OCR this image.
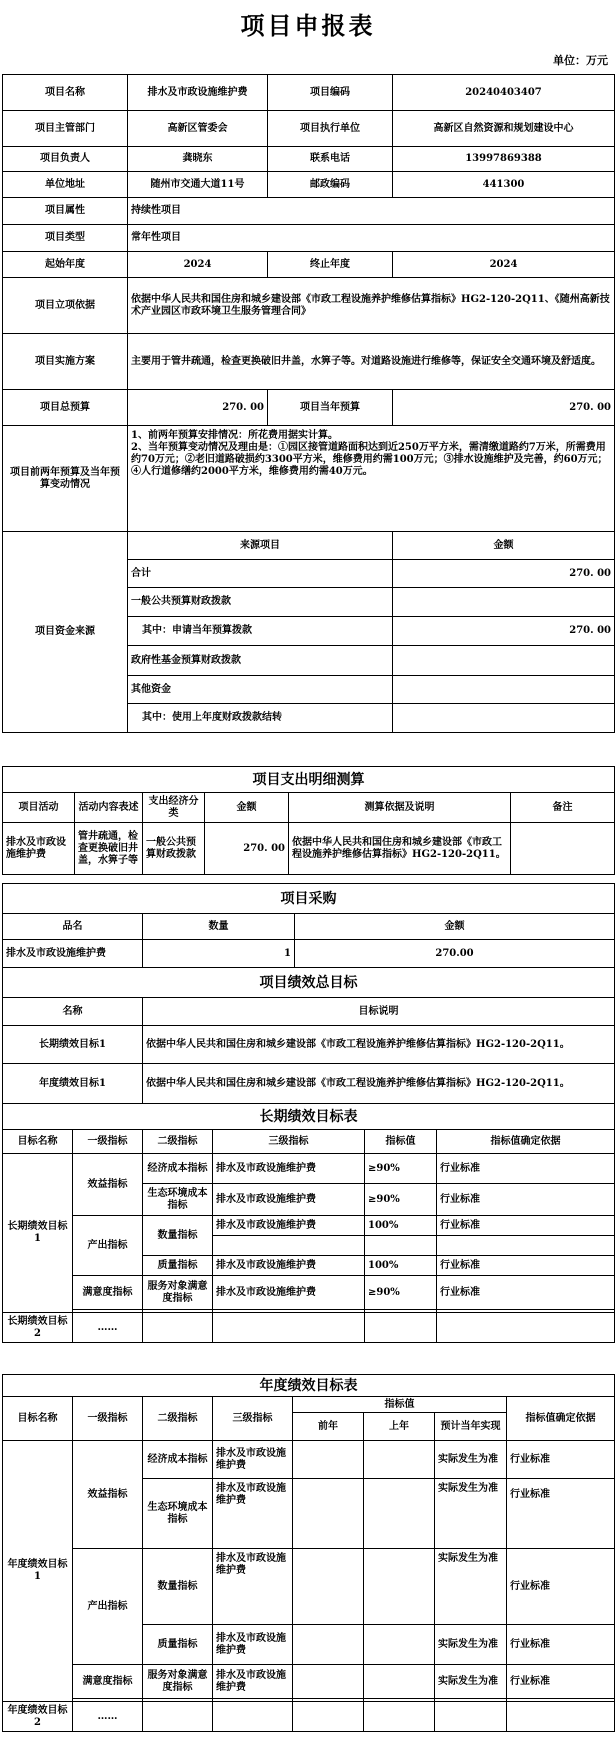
项目申报表
单位：万元
项目名称	排水及市政设施维护费	项目编码	20240403407
项目主管部门	高新区管委会	项目执行单位	高新区自然资源和规划建设中心
项目负责人	龚晓东	联系电话	13997869388
单位地址	随州市交通大道11号	邮政编码	441300
项目属性	持续性项目		
项目类型	常年性项目		
起始年度	2024	终止年度	2024
项目立项依据	依据中华人民共和国住房和城乡建设部《市政工程设施养护维修估算指标》HG2-120-2Q11、《随州高新技术产业园区市政环境卫生服务管理合同》		
项目实施方案	主要用于管井疏通，检查更换破旧井盖，水箅子等。对道路设施进行维修等，保证安全交通环境及舒适度。		
项目总预算	270. 00	项目当年预算	270. 00
项目前两年预算及当年预算变动情况	1、前两年预算安排情况：所花费用据实计算。
2、当年预算变动情况及理由是：①园区接管道路面积达到近250万平方米，需清缴道路约7万米，所需费用约70万元；②老旧道路破损约3300平方米，维修费用约需100万元；③排水设施维护及完善，约60万元；④人行道修缮约2000平方米，维修费用约需40万元。		

项目资金来源	来源项目		金额
	合计		270. 00
	一般公共预算财政拨款		
	其中：申请当年预算拨款		270. 00
	政府性基金预算财政拨款		
	其他资金		
	其中：使用上年度财政拨款结转		
项目支出明细测算					
项目活动	活动内容表述	支出经济分类	金额	测算依据及说明	备注
排水及市政设施维护费	管井疏通，检查更换破旧井盖，水箅子等	一般公共预算财政拨款	270. 00	依据中华人民共和国住房和城乡建设部《市政工程设施养护维修估算指标》HG2-120-2Q11。	
项目采购		
品名	数量	金额
排水及市政设施维护费	1	270.00
项目绩效总目标	
名称	目标说明
长期绩效目标1	依据中华人民共和国住房和城乡建设部《市政工程设施养护维修估算指标》HG2-120-2Q11。
年度绩效目标1	依据中华人民共和国住房和城乡建设部《市政工程设施养护维修估算指标》HG2-120-2Q11。
长期绩效目标表					
目标名称	一级指标	二级指标	三级指标	指标值	指标值确定依据
长期绩效目标1	效益指标	经济成本指标	排水及市政设施维护费	≥90%	行业标准
		生态环境成本指标	排水及市政设施维护费	≥90%	行业标准
	产出指标	数量指标	排水及市政设施维护费	100%	行业标准

		质量指标	排水及市政设施维护费	100%	行业标准
	满意度指标	服务对象满意度指标	排水及市政设施维护费	≥90%	行业标准

长期绩效目标2	……				
年度绩效目标表							
目标名称	一级指标	二级指标	三级指标	指标值			指标值确定依据
				前年	上年	预计当年实现	
年度绩效目标1	效益指标	经济成本指标	排水及市政设施维护费			实际发生为准	行业标准
		生态环境成本指标	排水及市政设施维护费			实际发生为准	行业标准
	产出指标	数量指标	排水及市政设施维护费			实际发生为准	行业标准
		质量指标	排水及市政设施维护费			实际发生为准	行业标准
	满意度指标	服务对象满意度指标	排水及市政设施维护费			实际发生为准	行业标准

年度绩效目标2	……						
